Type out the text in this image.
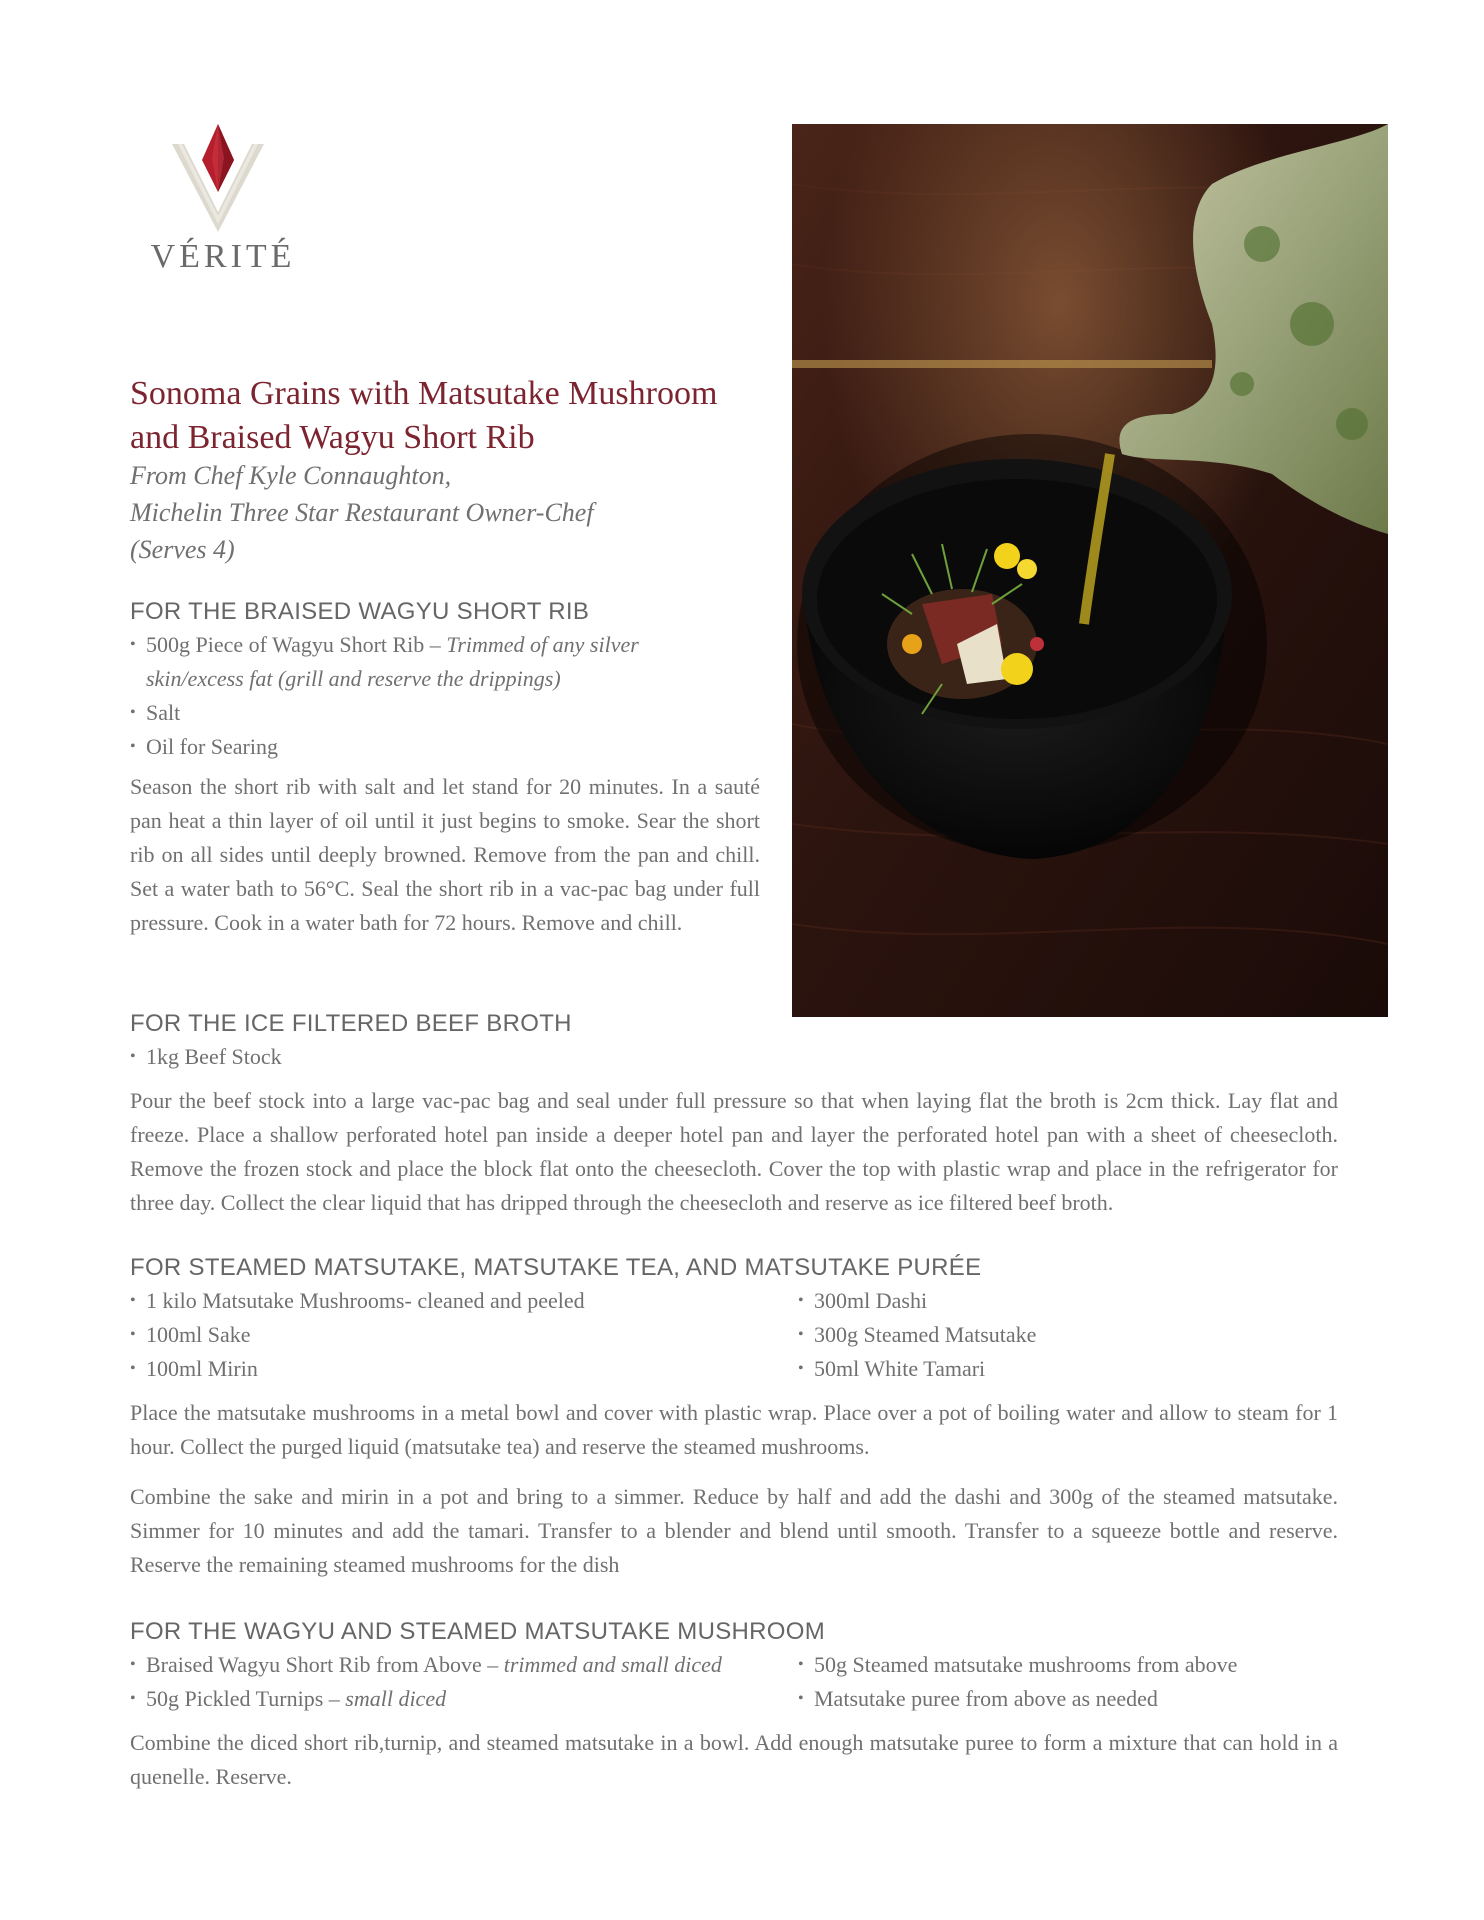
VÉRITÉ
Sonoma Grains with Matsutake Mushroom
and Braised Wagyu Short Rib
From Chef Kyle Connaughton,
Michelin Three Star Restaurant Owner-Chef
(Serves 4)
FOR THE BRAISED WAGYU SHORT RIB
• 500g Piece of Wagyu Short Rib – Trimmed of any silver
skin/excess fat (grill and reserve the drippings)
• Salt
• Oil for Searing

Season the short rib with salt and let stand for 20 minutes. In a sauté pan heat a thin layer of oil until it just begins to smoke. Sear the short rib on all sides until deeply browned. Remove from the pan and chill. Set a water bath to 56°C. Seal the short rib in a vac-pac bag under full pressure. Cook in a water bath for 72 hours. Remove and chill.

FOR THE ICE FILTERED BEEF BROTH
• 1kg Beef Stock

Pour the beef stock into a large vac-pac bag and seal under full pressure so that when laying flat the broth is 2cm thick. Lay flat and freeze. Place a shallow perforated hotel pan inside a deeper hotel pan and layer the perforated hotel pan with a sheet of cheesecloth. Remove the frozen stock and place the block flat onto the cheesecloth. Cover the top with plastic wrap and place in the refrigerator for three day. Collect the clear liquid that has dripped through the cheesecloth and reserve as ice filtered beef broth.

FOR STEAMED MATSUTAKE, MATSUTAKE TEA, AND MATSUTAKE PURÉE
• 1 kilo Matsutake Mushrooms- cleaned and peeled
• 100ml Sake
• 100ml Mirin
• 300ml Dashi
• 300g Steamed Matsutake
• 50ml White Tamari

Place the matsutake mushrooms in a metal bowl and cover with plastic wrap. Place over a pot of boiling water and allow to steam for 1 hour. Collect the purged liquid (matsutake tea) and reserve the steamed mushrooms.

Combine the sake and mirin in a pot and bring to a simmer. Reduce by half and add the dashi and 300g of the steamed matsutake. Simmer for 10 minutes and add the tamari. Transfer to a blender and blend until smooth. Transfer to a squeeze bottle and reserve. Reserve the remaining steamed mushrooms for the dish

FOR THE WAGYU AND STEAMED MATSUTAKE MUSHROOM
• Braised Wagyu Short Rib from Above – trimmed and small diced
• 50g Pickled Turnips – small diced
• 50g Steamed matsutake mushrooms from above
• Matsutake puree from above as needed

Combine the diced short rib,turnip, and steamed matsutake in a bowl. Add enough matsutake puree to form a mixture that can hold in a quenelle. Reserve.
